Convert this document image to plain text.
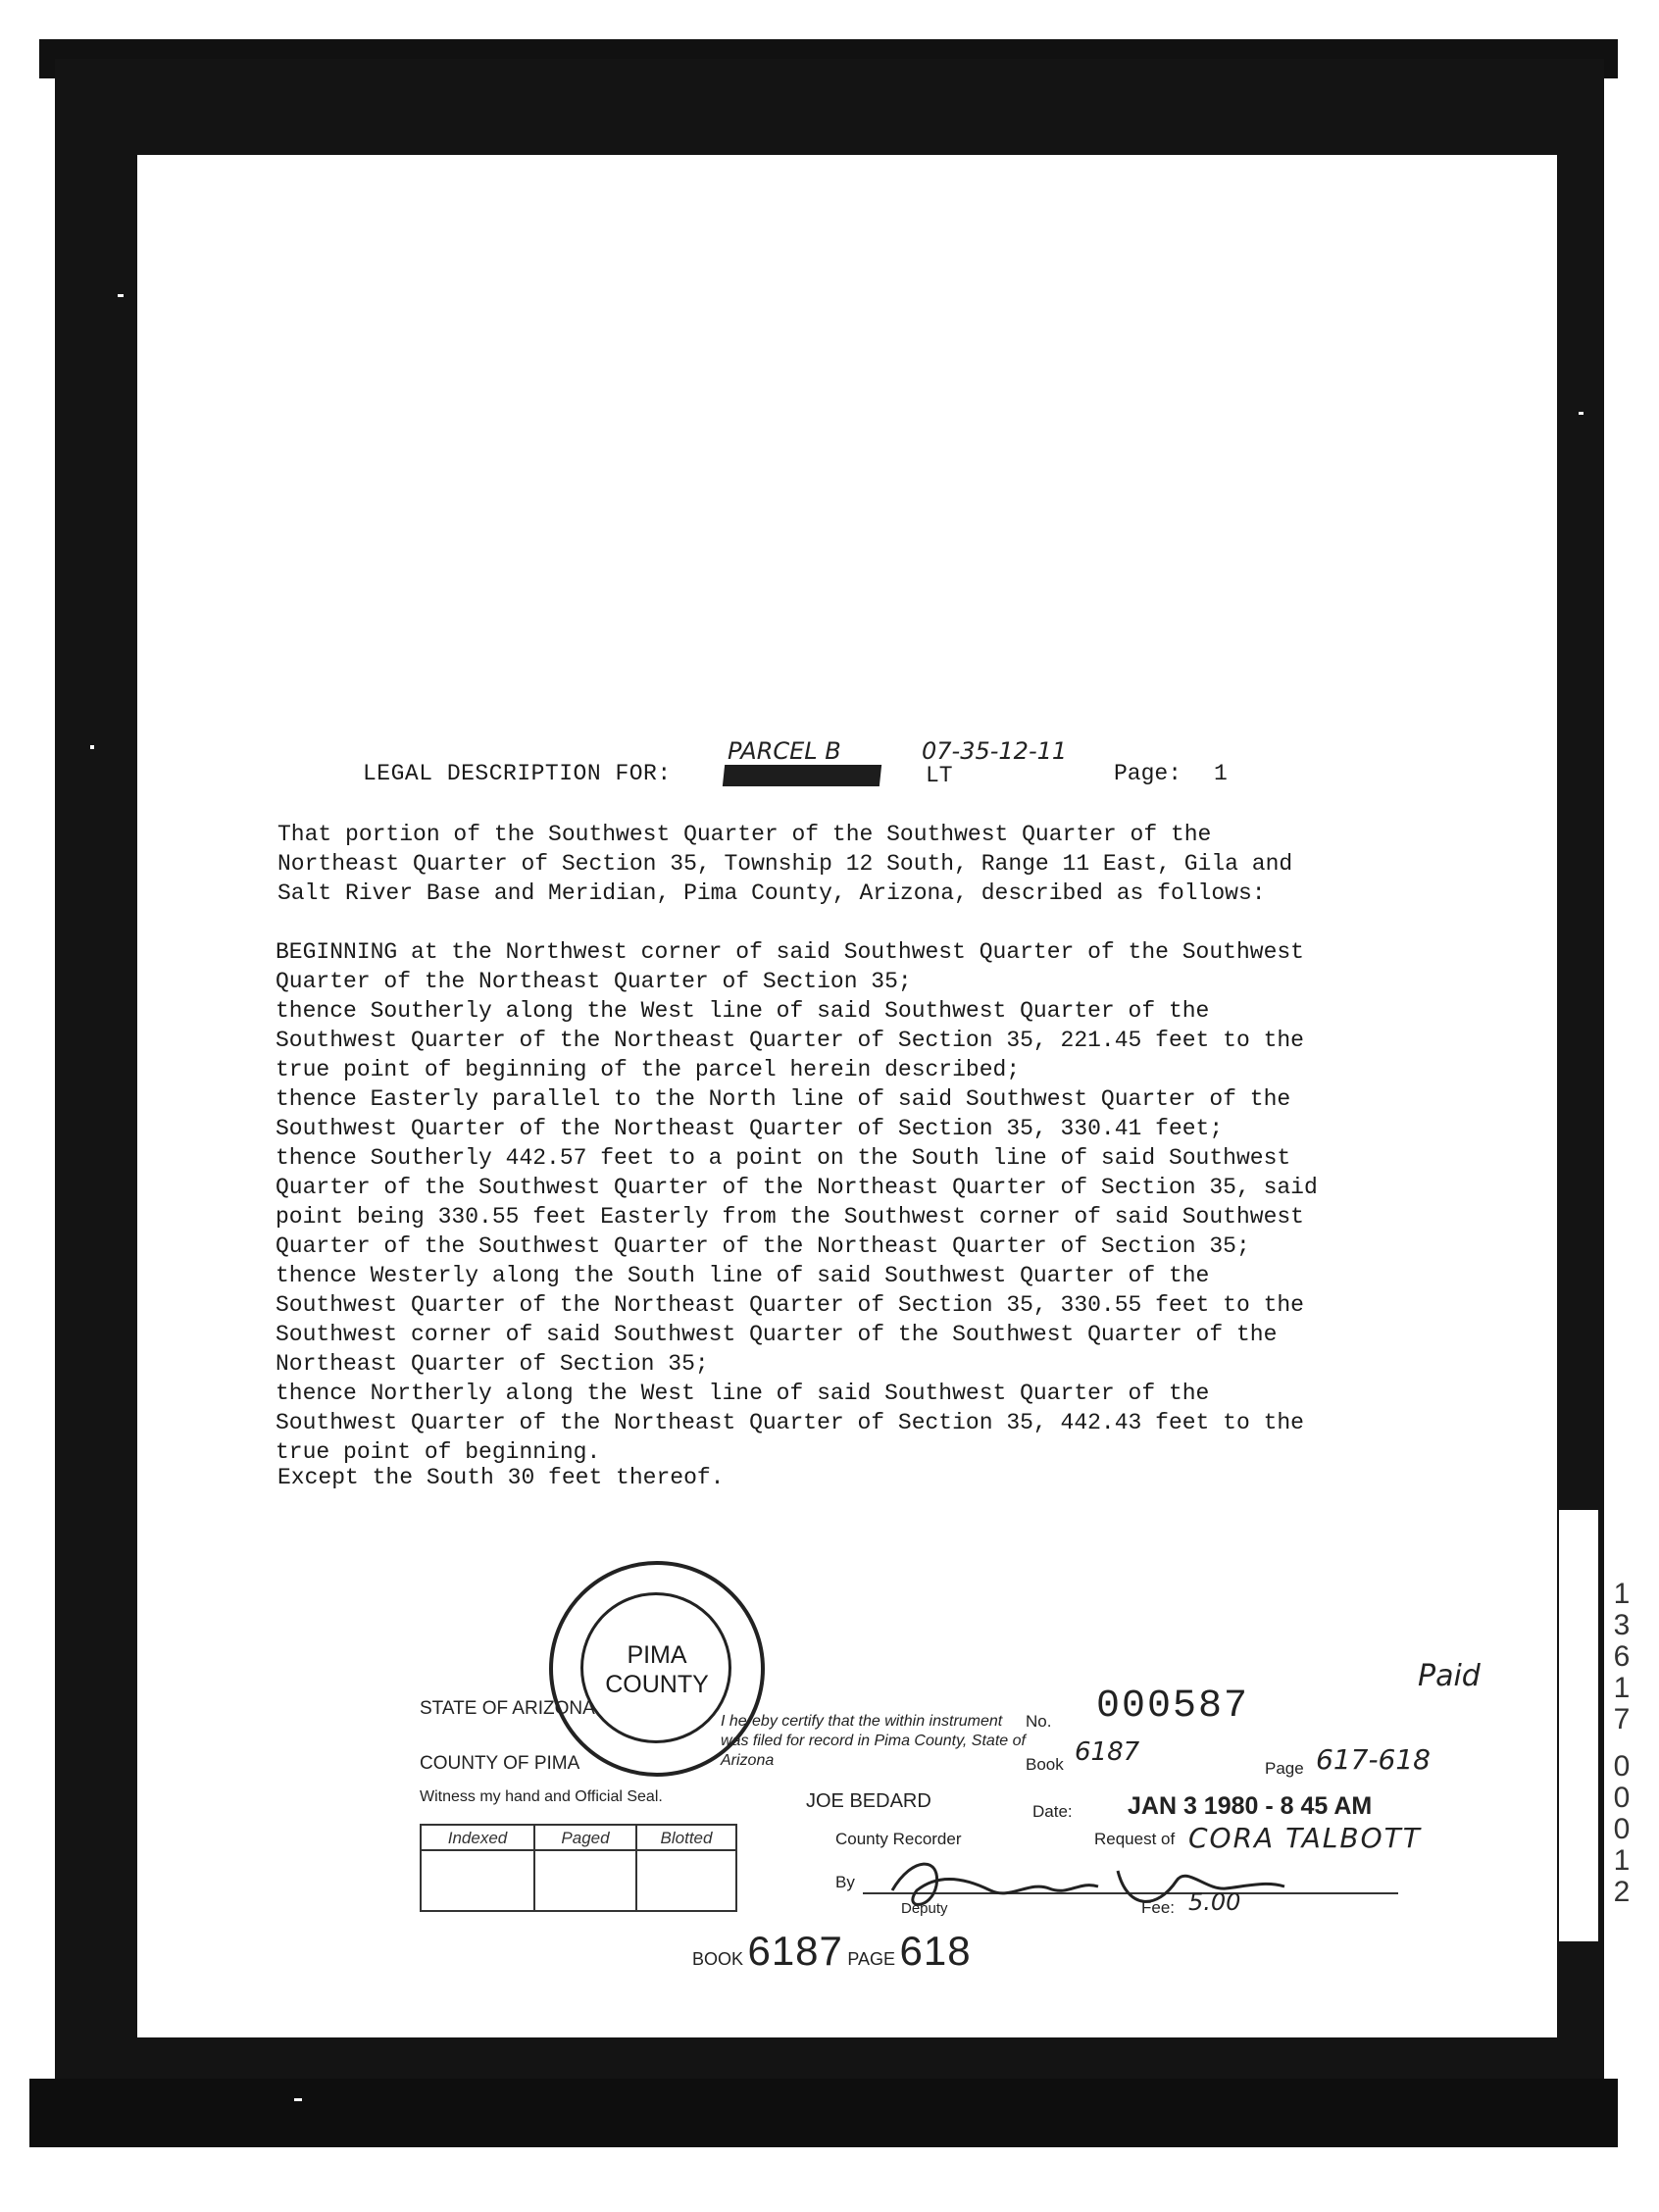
1
3
6
1
7
0
0
0
1
2
LEGAL DESCRIPTION FOR:
PARCEL B	07-35-12-11
LT	Page: 1
That portion of the Southwest Quarter of the Southwest Quarter of the
Northeast Quarter of Section 35, Township 12 South, Range 11 East, Gila and
Salt River Base and Meridian, Pima County, Arizona, described as follows:
BEGINNING at the Northwest corner of said Southwest Quarter of the Southwest
Quarter of the Northeast Quarter of Section 35;
thence Southerly along the West line of said Southwest Quarter of the
Southwest Quarter of the Northeast Quarter of Section 35, 221.45 feet to the
true point of beginning of the parcel herein described;
thence Easterly parallel to the North line of said Southwest Quarter of the
Southwest Quarter of the Northeast Quarter of Section 35, 330.41 feet;
thence Southerly 442.57 feet to a point on the South line of said Southwest
Quarter of the Southwest Quarter of the Northeast Quarter of Section 35, said
point being 330.55 feet Easterly from the Southwest corner of said Southwest
Quarter of the Southwest Quarter of the Northeast Quarter of Section 35;
thence Westerly along the South line of said Southwest Quarter of the
Southwest Quarter of the Northeast Quarter of Section 35, 330.55 feet to the
Southwest corner of said Southwest Quarter of the Southwest Quarter of the
Northeast Quarter of Section 35;
thence Northerly along the West line of said Southwest Quarter of the
Southwest Quarter of the Northeast Quarter of Section 35, 442.43 feet to the
true point of beginning.
Except the South 30 feet thereof.
PIMA
COUNTY
STATE OF ARIZONA
COUNTY OF PIMA
Witness my hand and Official Seal.
I hereby certify that the within instrument was filed for record in Pima County, State of Arizona
No. 000587
Book 6187
Page 617-618
JOE BEDARD	Date: JAN 3 1980 - 8 45 AM
County Recorder	Request of CORA TALBOTT
By
Deputy	Fee: 5.00
Paid
Indexed	Paged	Blotted
BOOK 6187 PAGE 618
